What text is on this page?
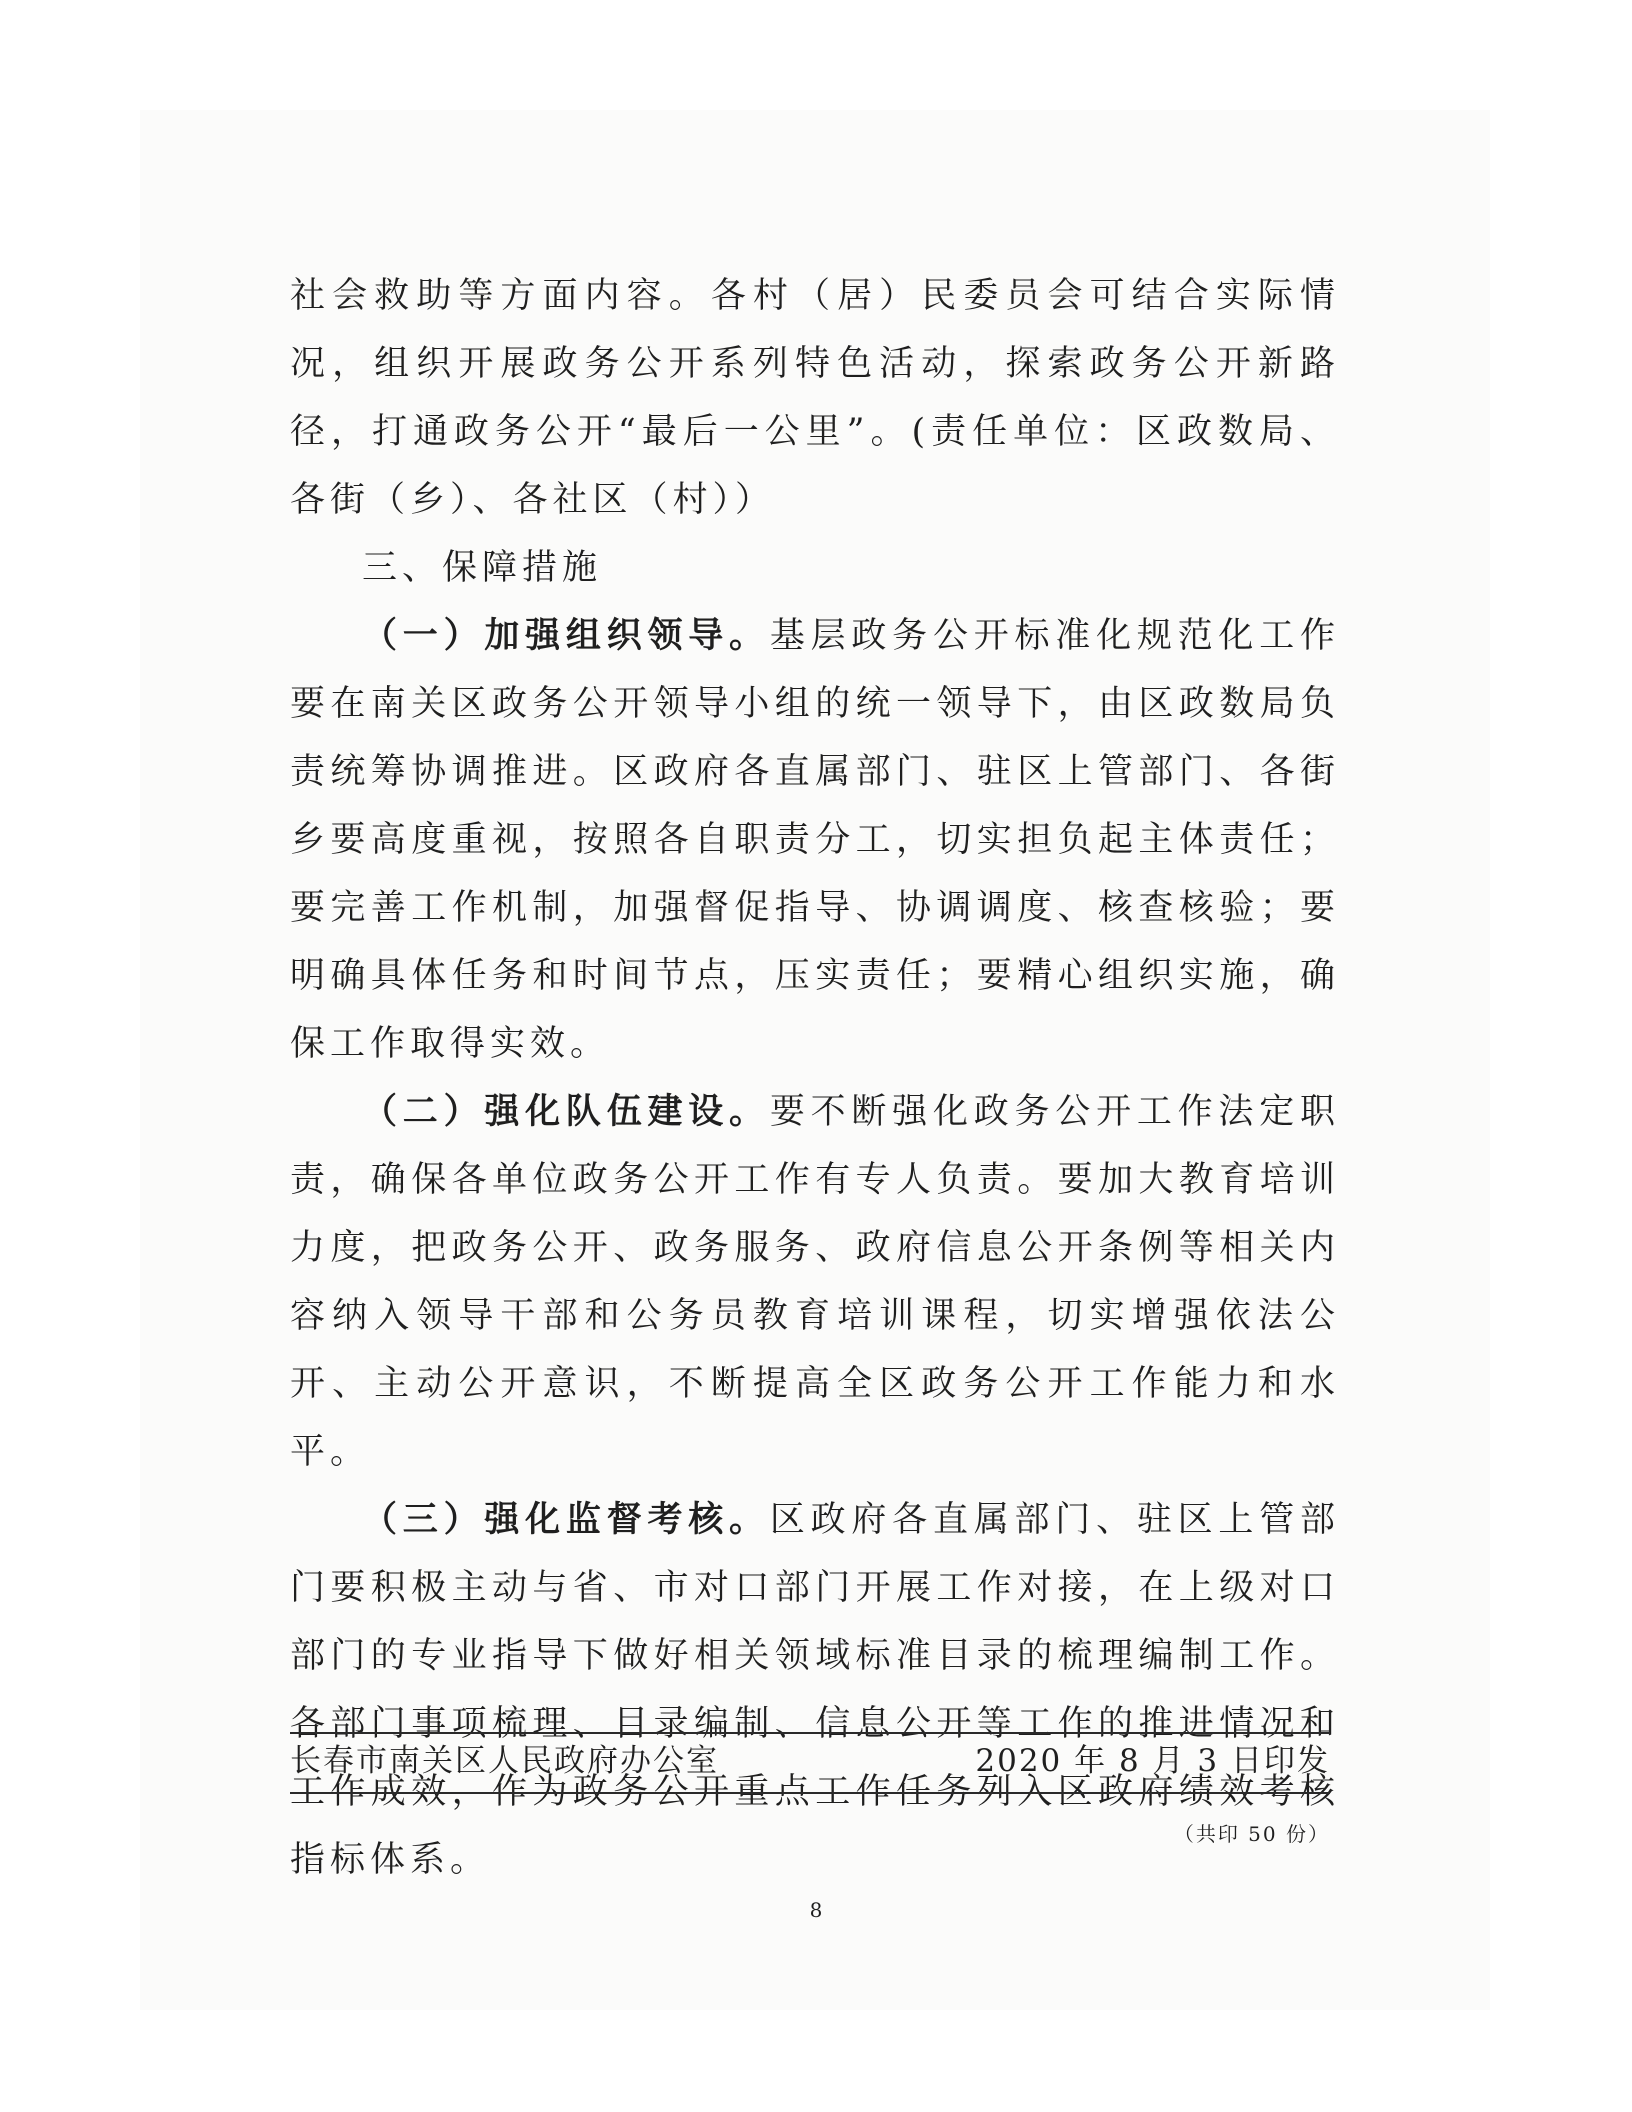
社会救助等方面内容。各村（居）民委员会可结合实际情况，组织开展政务公开系列特色活动，探索政务公开新路径，打通政务公开“最后一公里”。(责任单位：区政数局、各街（乡）、各社区（村））

三、保障措施

（一）加强组织领导。基层政务公开标准化规范化工作要在南关区政务公开领导小组的统一领导下，由区政数局负责统筹协调推进。区政府各直属部门、驻区上管部门、各街乡要高度重视，按照各自职责分工，切实担负起主体责任；要完善工作机制，加强督促指导、协调调度、核查核验；要明确具体任务和时间节点，压实责任；要精心组织实施，确保工作取得实效。

（二）强化队伍建设。要不断强化政务公开工作法定职责，确保各单位政务公开工作有专人负责。要加大教育培训力度，把政务公开、政务服务、政府信息公开条例等相关内容纳入领导干部和公务员教育培训课程，切实增强依法公开、主动公开意识，不断提高全区政务公开工作能力和水平。

（三）强化监督考核。区政府各直属部门、驻区上管部门要积极主动与省、市对口部门开展工作对接，在上级对口部门的专业指导下做好相关领域标准目录的梳理编制工作。各部门事项梳理、目录编制、信息公开等工作的推进情况和工作成效，作为政务公开重点工作任务列入区政府绩效考核指标体系。

长春市南关区人民政府办公室	2020 年 8 月 3 日印发
（共印 50 份）
8
